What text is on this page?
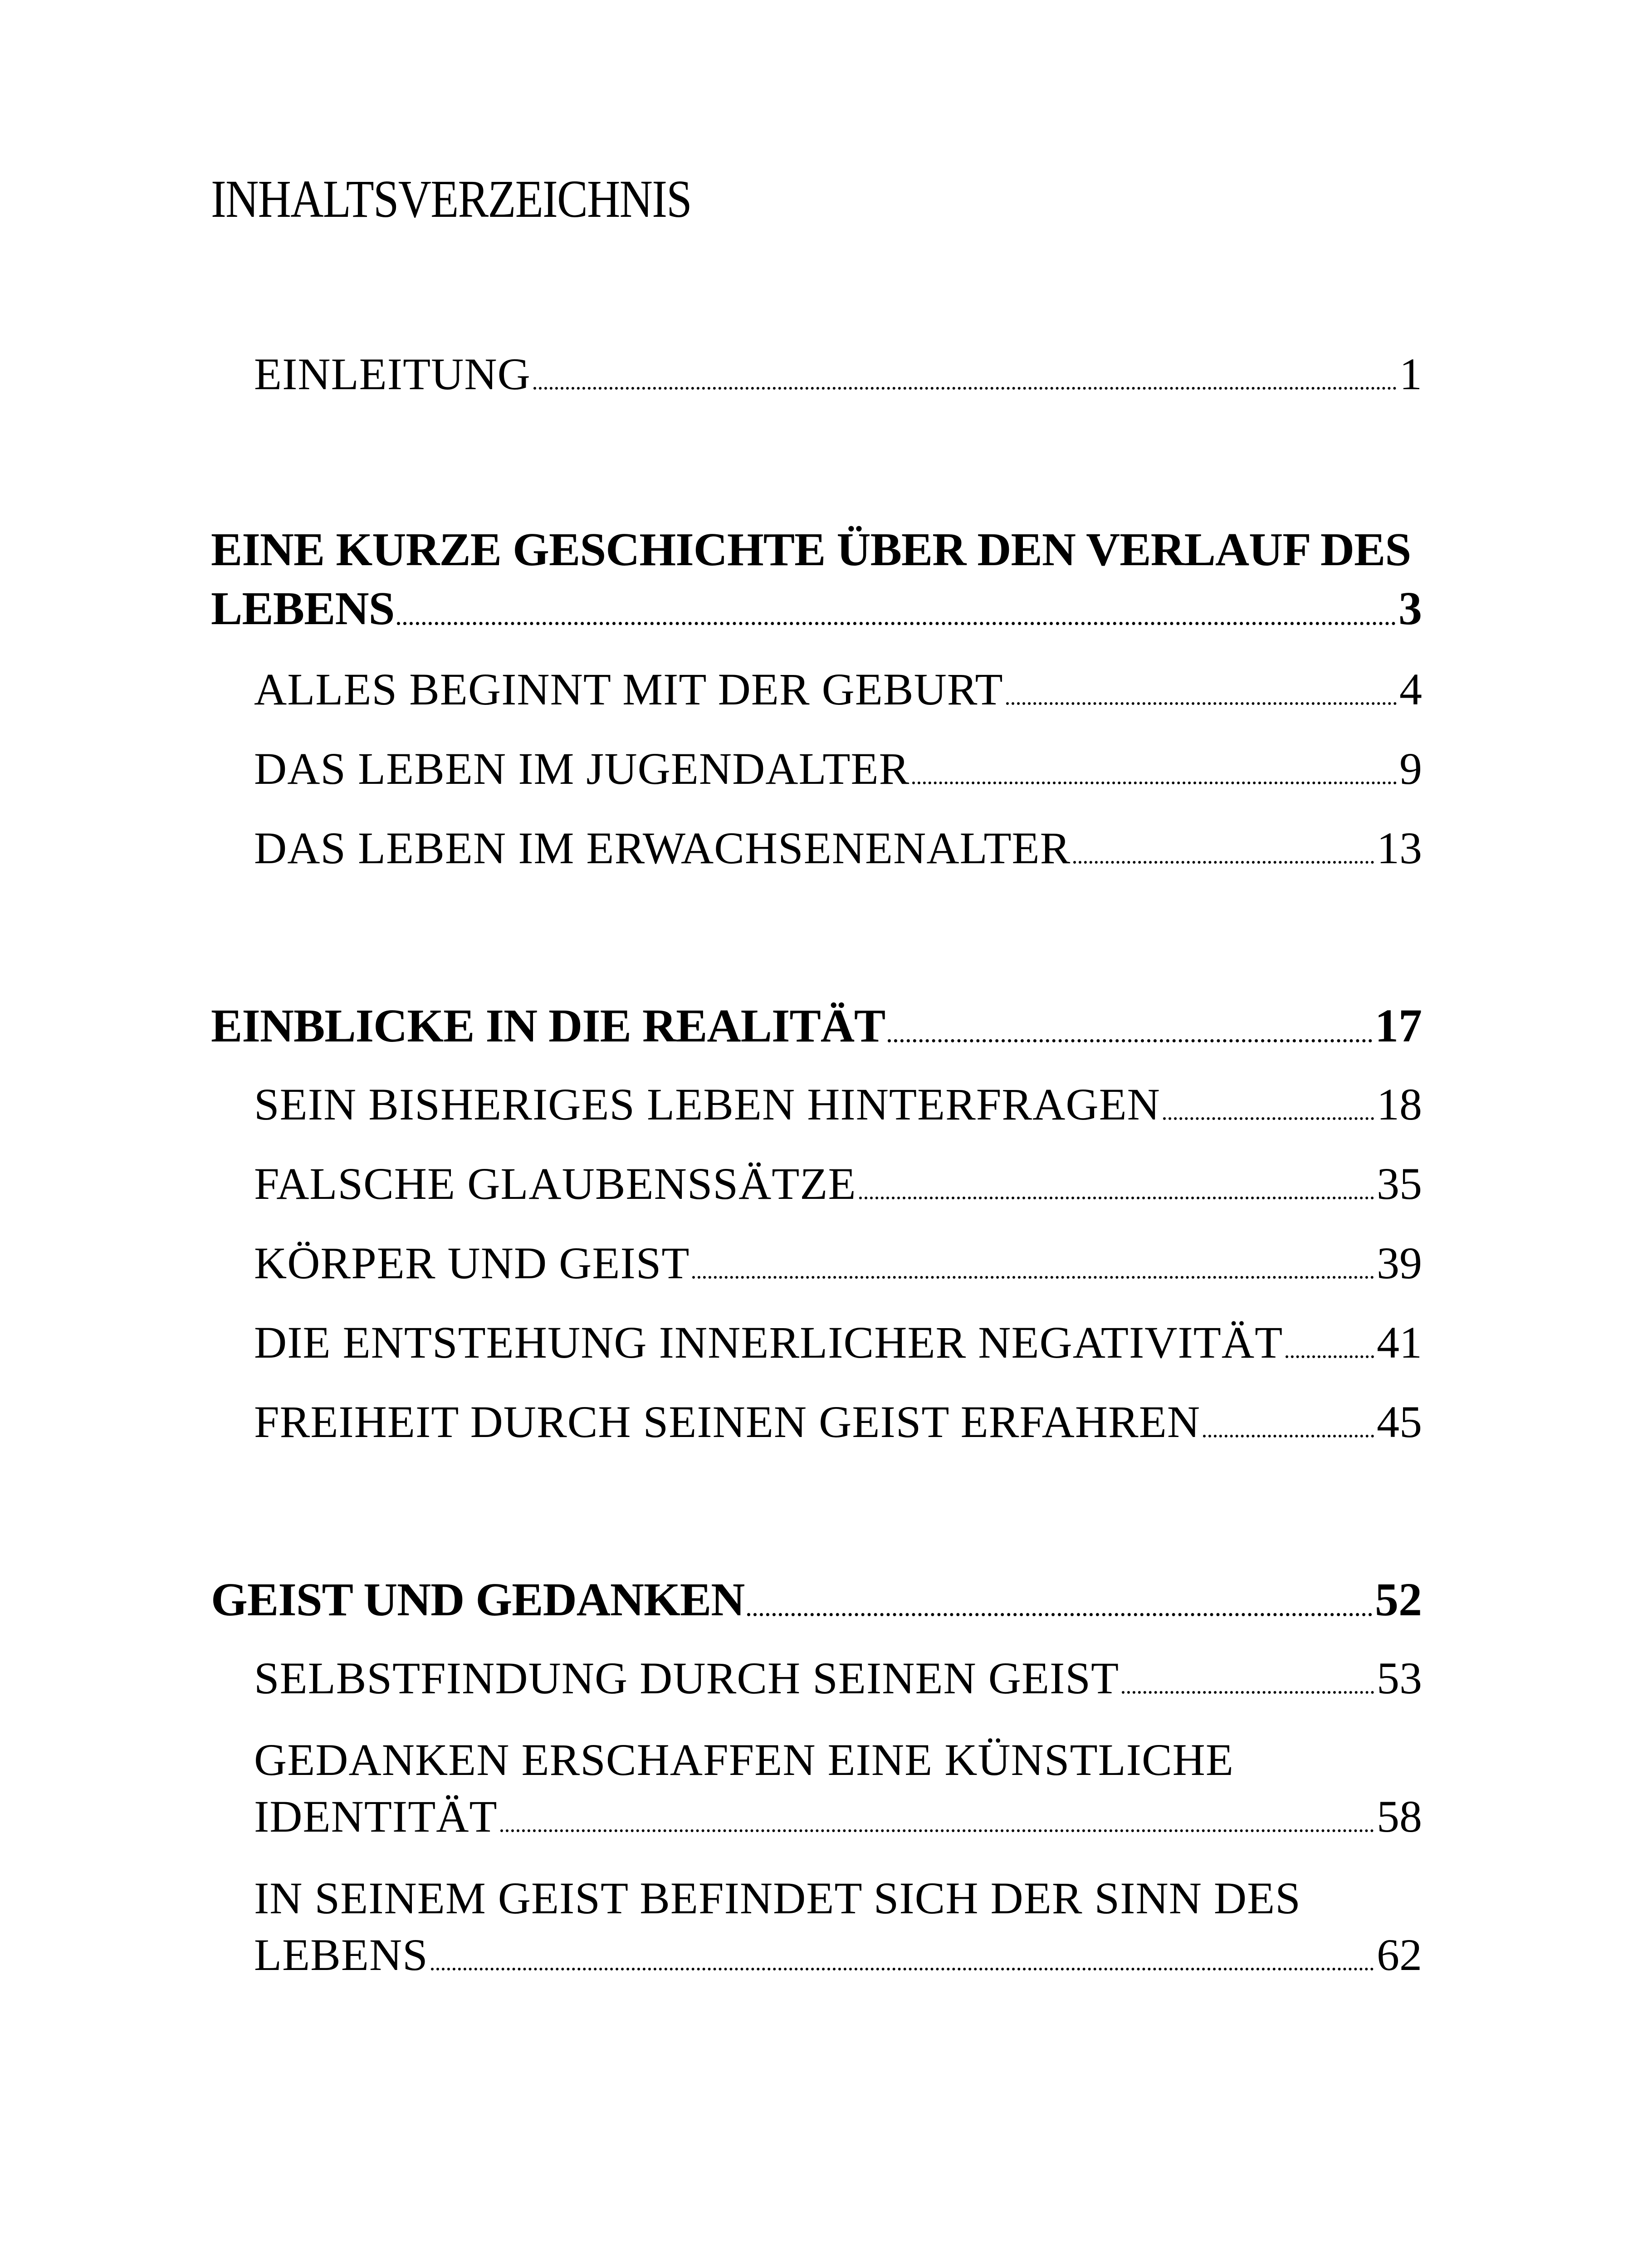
INHALTSVERZEICHNIS
EINLEITUNG	1
EINE KURZE GESCHICHTE ÜBER DEN VERLAUF DES
LEBENS	3
ALLES BEGINNT MIT DER GEBURT	4
DAS LEBEN IM JUGENDALTER	9
DAS LEBEN IM ERWACHSENENALTER	13
EINBLICKE IN DIE REALITÄT	17
SEIN BISHERIGES LEBEN HINTERFRAGEN	18
FALSCHE GLAUBENSSÄTZE	35
KÖRPER UND GEIST	39
DIE ENTSTEHUNG INNERLICHER NEGATIVITÄT 41
FREIHEIT DURCH SEINEN GEIST ERFAHREN	45
GEIST UND GEDANKEN	52
SELBSTFINDUNG DURCH SEINEN GEIST	53
GEDANKEN ERSCHAFFEN EINE KÜNSTLICHE
IDENTITÄT	58
IN SEINEM GEIST BEFINDET SICH DER SINN DES
LEBENS	62
